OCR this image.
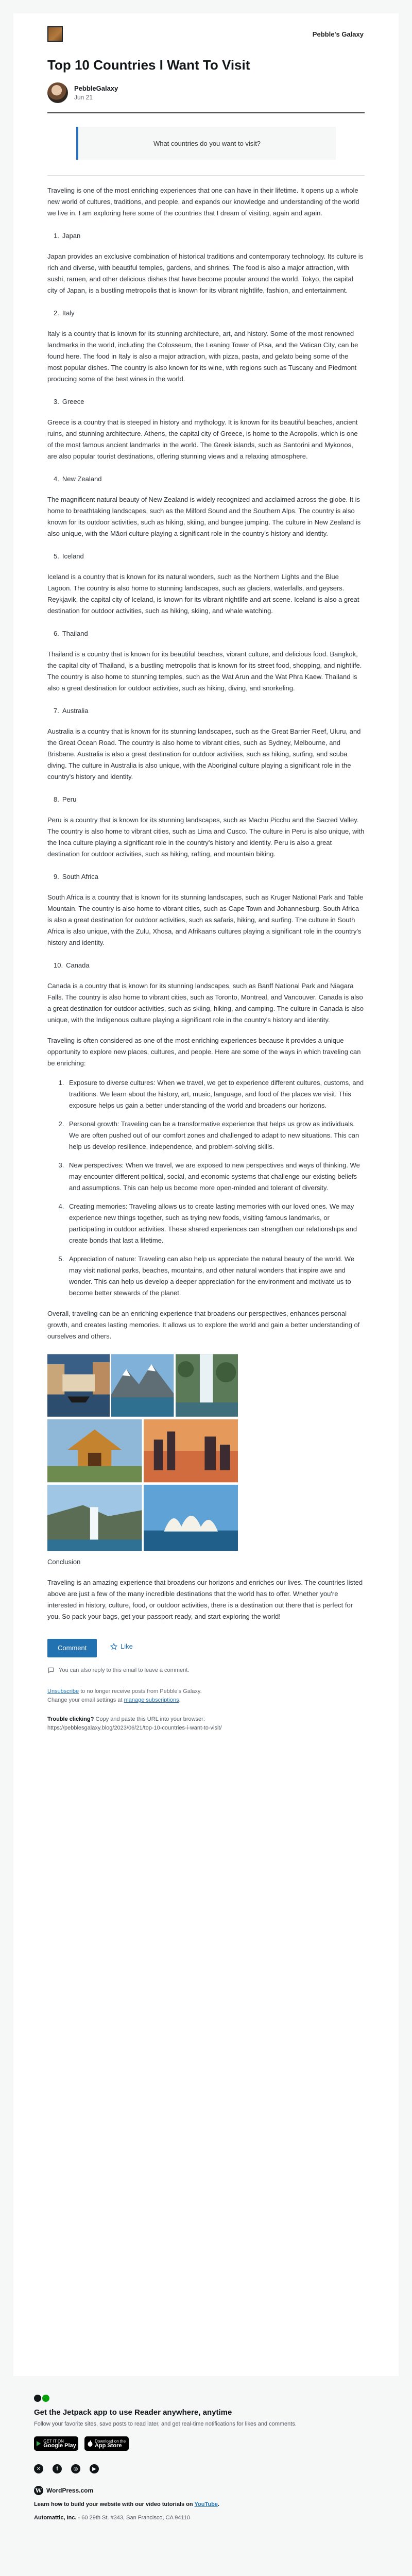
Pebble's Galaxy
Top 10 Countries I Want To Visit
PebbleGalaxy
Jun 21
What countries do you want to visit?

Traveling is one of the most enriching experiences that one can have in their lifetime. It opens up a whole new world of cultures, traditions, and people, and expands our knowledge and understanding of the world we live in. I am exploring here some of the countries that I dream of visiting, again and again.

1. Japan

Japan provides an exclusive combination of historical traditions and contemporary technology. Its culture is rich and diverse, with beautiful temples, gardens, and shrines. The food is also a major attraction, with sushi, ramen, and other delicious dishes that have become popular around the world. Tokyo, the capital city of Japan, is a bustling metropolis that is known for its vibrant nightlife, fashion, and entertainment.

2. Italy

Italy is a country that is known for its stunning architecture, art, and history. Some of the most renowned landmarks in the world, including the Colosseum, the Leaning Tower of Pisa, and the Vatican City, can be found here. The food in Italy is also a major attraction, with pizza, pasta, and gelato being some of the most popular dishes. The country is also known for its wine, with regions such as Tuscany and Piedmont producing some of the best wines in the world.

3. Greece

Greece is a country that is steeped in history and mythology. It is known for its beautiful beaches, ancient ruins, and stunning architecture. Athens, the capital city of Greece, is home to the Acropolis, which is one of the most famous ancient landmarks in the world. The Greek islands, such as Santorini and Mykonos, are also popular tourist destinations, offering stunning views and a relaxing atmosphere.

4. New Zealand

The magnificent natural beauty of New Zealand is widely recognized and acclaimed across the globe. It is home to breathtaking landscapes, such as the Milford Sound and the Southern Alps. The country is also known for its outdoor activities, such as hiking, skiing, and bungee jumping. The culture in New Zealand is also unique, with the Māori culture playing a significant role in the country's history and identity.

5. Iceland

Iceland is a country that is known for its natural wonders, such as the Northern Lights and the Blue Lagoon. The country is also home to stunning landscapes, such as glaciers, waterfalls, and geysers. Reykjavik, the capital city of Iceland, is known for its vibrant nightlife and art scene. Iceland is also a great destination for outdoor activities, such as hiking, skiing, and whale watching.

6. Thailand

Thailand is a country that is known for its beautiful beaches, vibrant culture, and delicious food. Bangkok, the capital city of Thailand, is a bustling metropolis that is known for its street food, shopping, and nightlife. The country is also home to stunning temples, such as the Wat Arun and the Wat Phra Kaew. Thailand is also a great destination for outdoor activities, such as hiking, diving, and snorkeling.

7. Australia

Australia is a country that is known for its stunning landscapes, such as the Great Barrier Reef, Uluru, and the Great Ocean Road. The country is also home to vibrant cities, such as Sydney, Melbourne, and Brisbane. Australia is also a great destination for outdoor activities, such as hiking, surfing, and scuba diving. The culture in Australia is also unique, with the Aboriginal culture playing a significant role in the country's history and identity.

8. Peru

Peru is a country that is known for its stunning landscapes, such as Machu Picchu and the Sacred Valley. The country is also home to vibrant cities, such as Lima and Cusco. The culture in Peru is also unique, with the Inca culture playing a significant role in the country's history and identity. Peru is also a great destination for outdoor activities, such as hiking, rafting, and mountain biking.

9. South Africa

South Africa is a country that is known for its stunning landscapes, such as Kruger National Park and Table Mountain. The country is also home to vibrant cities, such as Cape Town and Johannesburg. South Africa is also a great destination for outdoor activities, such as safaris, hiking, and surfing. The culture in South Africa is also unique, with the Zulu, Xhosa, and Afrikaans cultures playing a significant role in the country's history and identity.

10. Canada

Canada is a country that is known for its stunning landscapes, such as Banff National Park and Niagara Falls. The country is also home to vibrant cities, such as Toronto, Montreal, and Vancouver. Canada is also a great destination for outdoor activities, such as skiing, hiking, and camping. The culture in Canada is also unique, with the Indigenous culture playing a significant role in the country's history and identity.

Traveling is often considered as one of the most enriching experiences because it provides a unique opportunity to explore new places, cultures, and people. Here are some of the ways in which traveling can be enriching:

1. Exposure to diverse cultures: When we travel, we get to experience different cultures, customs, and traditions. We learn about the history, art, music, language, and food of the places we visit. This exposure helps us gain a better understanding of the world and broadens our horizons.
2. Personal growth: Traveling can be a transformative experience that helps us grow as individuals. We are often pushed out of our comfort zones and challenged to adapt to new situations. This can help us develop resilience, independence, and problem-solving skills.
3. New perspectives: When we travel, we are exposed to new perspectives and ways of thinking. We may encounter different political, social, and economic systems that challenge our existing beliefs and assumptions. This can help us become more open-minded and tolerant of diversity.
4. Creating memories: Traveling allows us to create lasting memories with our loved ones. We may experience new things together, such as trying new foods, visiting famous landmarks, or participating in outdoor activities. These shared experiences can strengthen our relationships and create bonds that last a lifetime.
5. Appreciation of nature: Traveling can also help us appreciate the natural beauty of the world. We may visit national parks, beaches, mountains, and other natural wonders that inspire awe and wonder. This can help us develop a deeper appreciation for the environment and motivate us to become better stewards of the planet.

Overall, traveling can be an enriching experience that broadens our perspectives, enhances personal growth, and creates lasting memories. It allows us to explore the world and gain a better understanding of ourselves and others.

Conclusion

Traveling is an amazing experience that broadens our horizons and enriches our lives. The countries listed above are just a few of the many incredible destinations that the world has to offer. Whether you're interested in history, culture, food, or outdoor activities, there is a destination out there that is perfect for you. So pack your bags, get your passport ready, and start exploring the world!

Comment	Like
You can also reply to this email to leave a comment.
Unsubscribe to no longer receive posts from Pebble's Galaxy.
Change your email settings at manage subscriptions.
Trouble clicking? Copy and paste this URL into your browser:
https://pebblesgalaxy.blog/2023/06/21/top-10-countries-i-want-to-visit/
Get the Jetpack app to use Reader anywhere, anytime
Follow your favorite sites, save posts to read later, and get real-time notifications for likes and comments.
GET IT ON
Google Play
Download on the
App Store
✕	f	◎	▶
W WordPress.com
Learn how to build your website with our video tutorials on YouTube.
Automattic, Inc. - 60 29th St. #343, San Francisco, CA 94110
